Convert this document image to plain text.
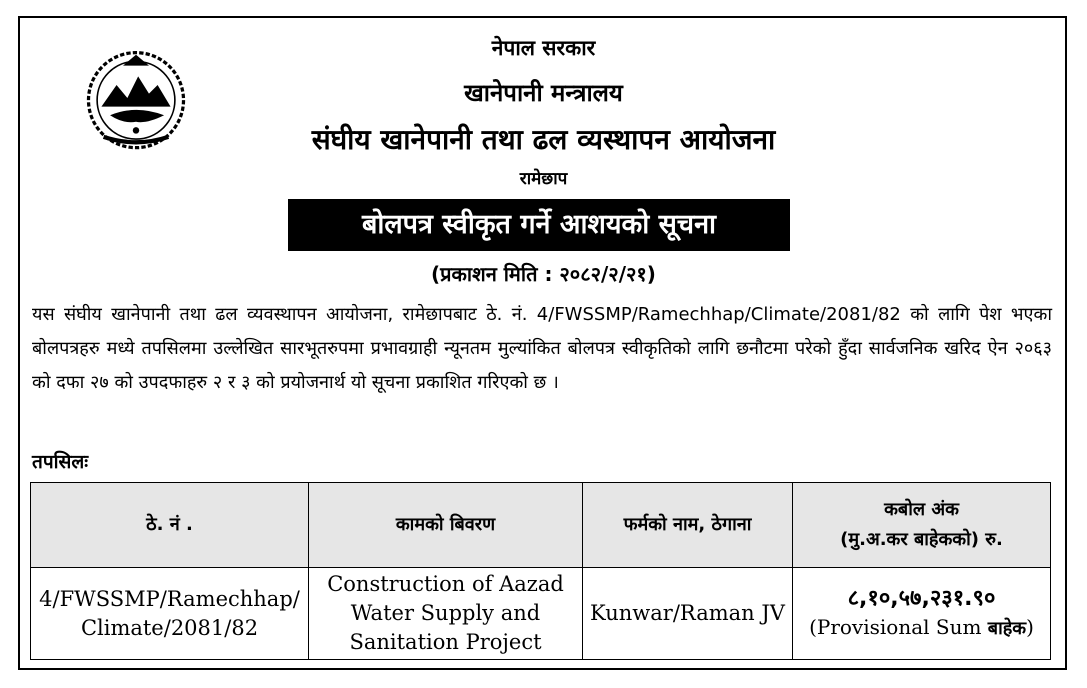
नेपाल सरकार
खानेपानी मन्त्रालय
संघीय खानेपानी तथा ढल व्यस्थापन आयोजना
रामेछाप
बोलपत्र स्वीकृत गर्ने आशयको सूचना
(प्रकाशन मिति : २०८२/२/२१)
यस संघीय खानेपानी तथा ढल व्यवस्थापन आयोजना, रामेछापबाट ठे. नं. 4/FWSSMP/Ramechhap/Climate/2081/82 को लागि पेश भएका बोलपत्रहरु मध्ये तपसिलमा उल्लेखित सारभूतरुपमा प्रभावग्राही न्यूनतम मुल्यांकित बोलपत्र स्वीकृतिको लागि छनौटमा परेको हुँदा सार्वजनिक खरिद ऐन २०६३ को दफा २७ को उपदफाहरु २ र ३ को प्रयोजनार्थ यो सूचना प्रकाशित गरिएको छ ।
तपसिलः
ठे. नं .	कामको बिवरण	फर्मको नाम, ठेगाना	कबोल अंक
(मु.अ.कर बाहेकको) रु.

4/FWSSMP/Ramechhap/ Climate/2081/82	Construction of Aazad Water Supply and Sanitation Project	Kunwar/Raman JV	८,१०,५७,२३१.९०
(Provisional Sum बाहेक)
